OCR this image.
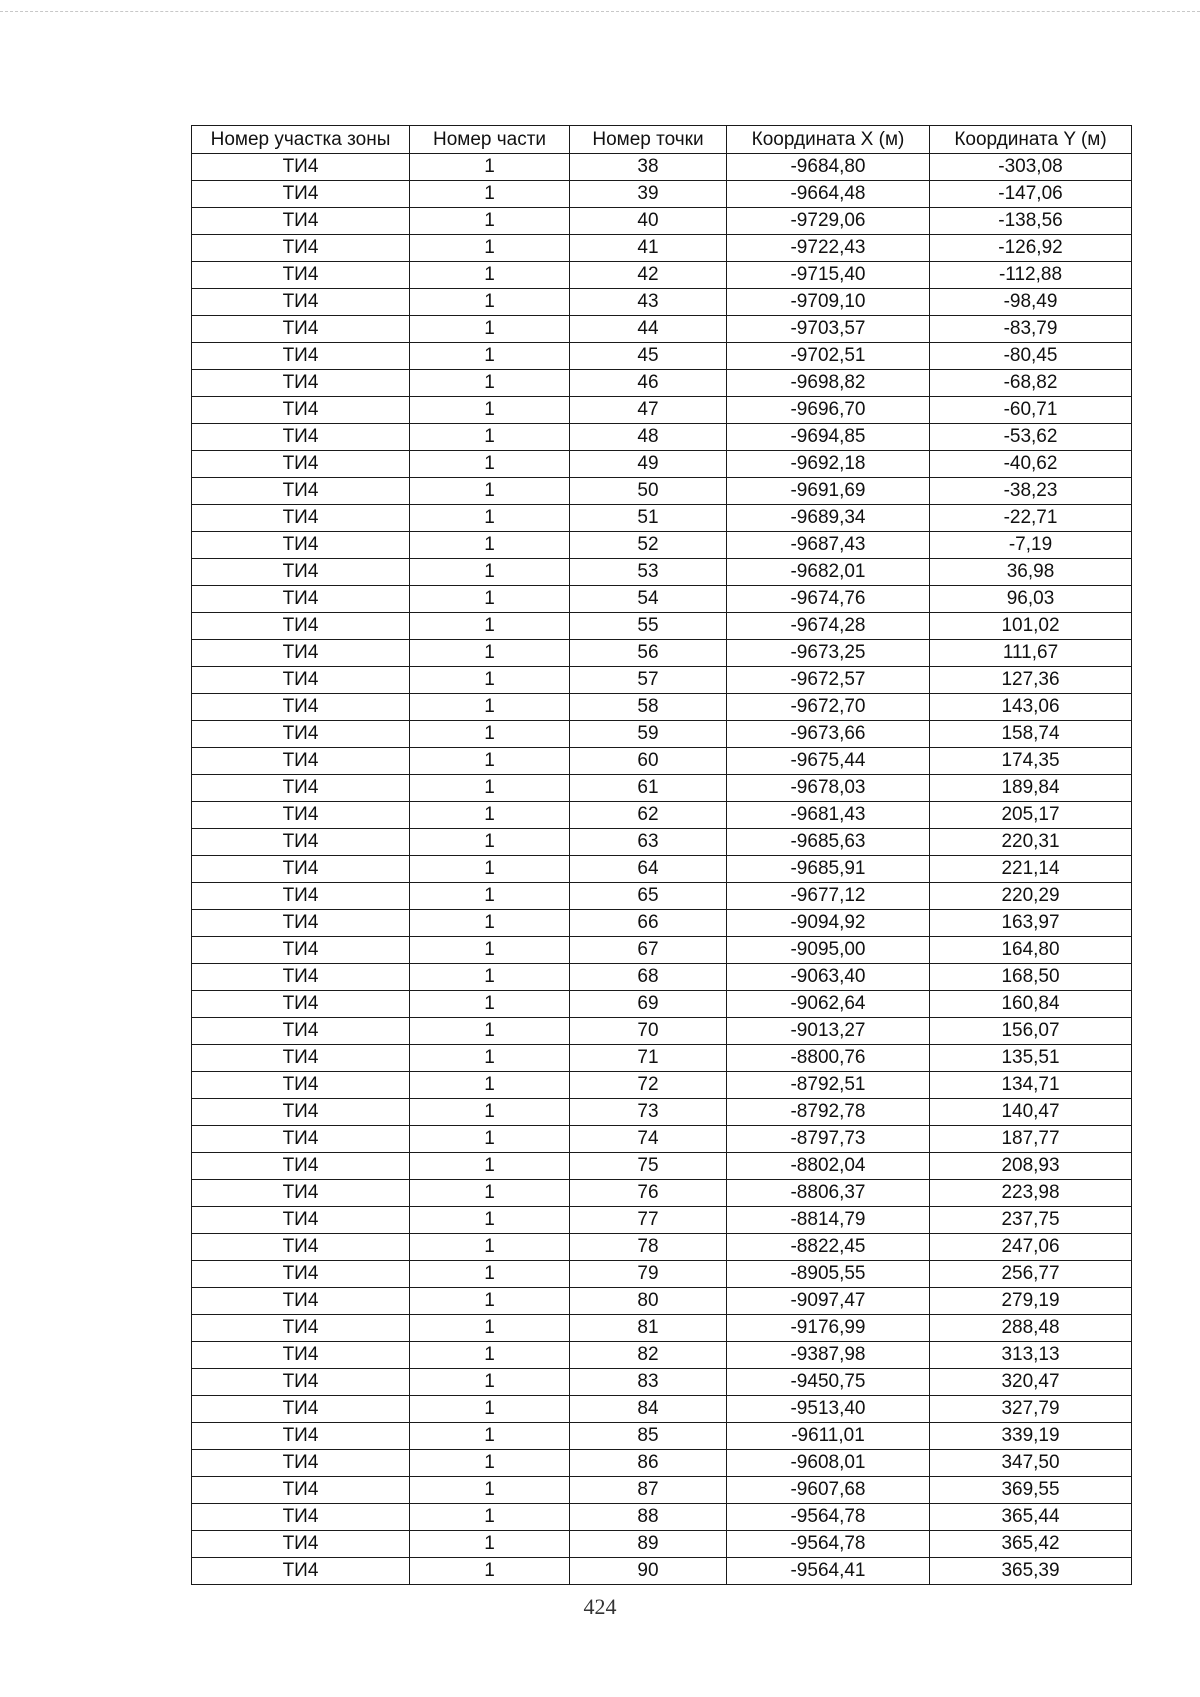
Номер участка зоны	Номер части	Номер точки	Координата X (м)	Координата Y (м)
ТИ4	1	38	-9684,80	-303,08
ТИ4	1	39	-9664,48	-147,06
ТИ4	1	40	-9729,06	-138,56
ТИ4	1	41	-9722,43	-126,92
ТИ4	1	42	-9715,40	-112,88
ТИ4	1	43	-9709,10	-98,49
ТИ4	1	44	-9703,57	-83,79
ТИ4	1	45	-9702,51	-80,45
ТИ4	1	46	-9698,82	-68,82
ТИ4	1	47	-9696,70	-60,71
ТИ4	1	48	-9694,85	-53,62
ТИ4	1	49	-9692,18	-40,62
ТИ4	1	50	-9691,69	-38,23
ТИ4	1	51	-9689,34	-22,71
ТИ4	1	52	-9687,43	-7,19
ТИ4	1	53	-9682,01	36,98
ТИ4	1	54	-9674,76	96,03
ТИ4	1	55	-9674,28	101,02
ТИ4	1	56	-9673,25	111,67
ТИ4	1	57	-9672,57	127,36
ТИ4	1	58	-9672,70	143,06
ТИ4	1	59	-9673,66	158,74
ТИ4	1	60	-9675,44	174,35
ТИ4	1	61	-9678,03	189,84
ТИ4	1	62	-9681,43	205,17
ТИ4	1	63	-9685,63	220,31
ТИ4	1	64	-9685,91	221,14
ТИ4	1	65	-9677,12	220,29
ТИ4	1	66	-9094,92	163,97
ТИ4	1	67	-9095,00	164,80
ТИ4	1	68	-9063,40	168,50
ТИ4	1	69	-9062,64	160,84
ТИ4	1	70	-9013,27	156,07
ТИ4	1	71	-8800,76	135,51
ТИ4	1	72	-8792,51	134,71
ТИ4	1	73	-8792,78	140,47
ТИ4	1	74	-8797,73	187,77
ТИ4	1	75	-8802,04	208,93
ТИ4	1	76	-8806,37	223,98
ТИ4	1	77	-8814,79	237,75
ТИ4	1	78	-8822,45	247,06
ТИ4	1	79	-8905,55	256,77
ТИ4	1	80	-9097,47	279,19
ТИ4	1	81	-9176,99	288,48
ТИ4	1	82	-9387,98	313,13
ТИ4	1	83	-9450,75	320,47
ТИ4	1	84	-9513,40	327,79
ТИ4	1	85	-9611,01	339,19
ТИ4	1	86	-9608,01	347,50
ТИ4	1	87	-9607,68	369,55
ТИ4	1	88	-9564,78	365,44
ТИ4	1	89	-9564,78	365,42
ТИ4	1	90	-9564,41	365,39
424
